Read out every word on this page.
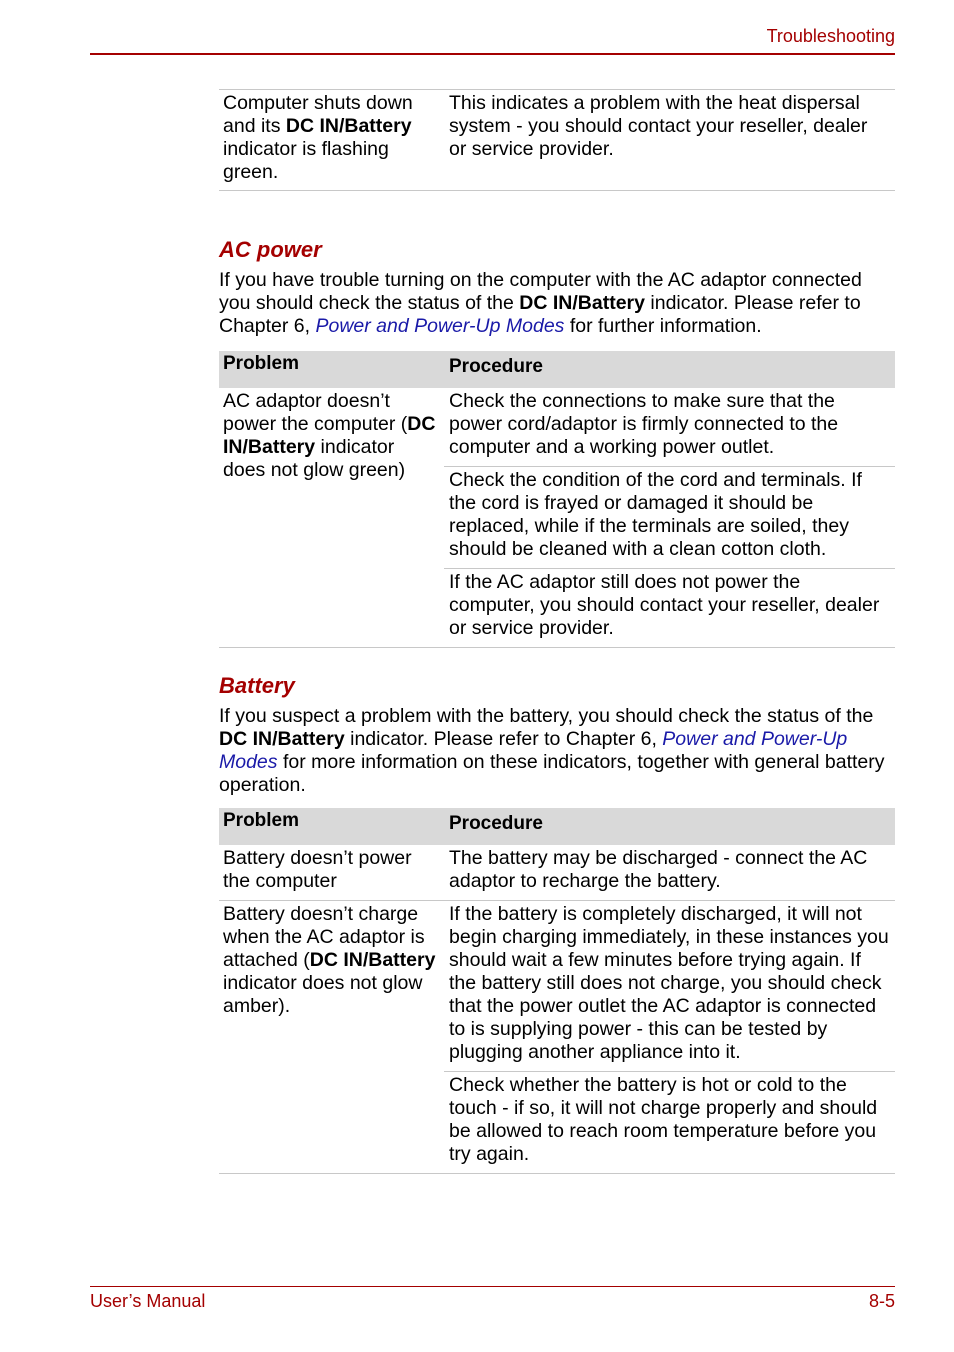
Troubleshooting
Computer shuts down and its DC IN/Battery indicator is flashing green.	This indicates a problem with the heat dispersal system - you should contact your reseller, dealer or service provider.
AC power

If you have trouble turning on the computer with the AC adaptor connected you should check the status of the DC IN/Battery indicator. Please refer to Chapter 6, Power and Power-Up Modes for further information.

Problem	Procedure
AC adaptor doesn’t power the computer (DC IN/Battery indicator does not glow green)	Check the connections to make sure that the power cord/adaptor is firmly connected to the computer and a working power outlet.
	Check the condition of the cord and terminals. If the cord is frayed or damaged it should be replaced, while if the terminals are soiled, they should be cleaned with a clean cotton cloth.
	If the AC adaptor still does not power the computer, you should contact your reseller, dealer or service provider.
Battery

If you suspect a problem with the battery, you should check the status of the DC IN/Battery indicator. Please refer to Chapter 6, Power and Power-Up Modes for more information on these indicators, together with general battery operation.

Problem	Procedure
Battery doesn’t power the computer	The battery may be discharged - connect the AC adaptor to recharge the battery.
Battery doesn’t charge when the AC adaptor is attached (DC IN/Battery indicator does not glow amber).	If the battery is completely discharged, it will not begin charging immediately, in these instances you should wait a few minutes before trying again. If the battery still does not charge, you should check that the power outlet the AC adaptor is connected to is supplying power - this can be tested by plugging another appliance into it.
	Check whether the battery is hot or cold to the touch - if so, it will not charge properly and should be allowed to reach room temperature before you try again.
User’s Manual	8-5
